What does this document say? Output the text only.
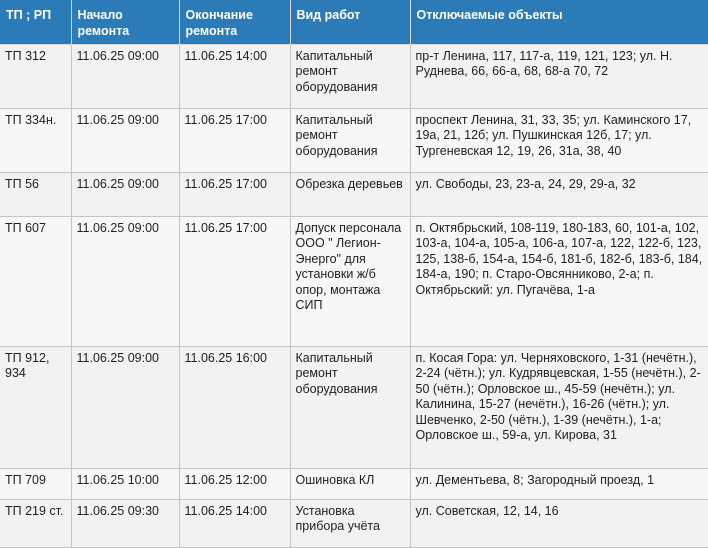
ТП ; РП	Начало ремонта	Окончание ремонта	Вид работ	Отключаемые объекты
ТП 312	11.06.25 09:00	11.06.25 14:00	Капитальный ремонт оборудования	пр-т Ленина, 117, 117-а, 119, 121, 123; ул. Н. Руднева, 66, 66-а, 68, 68-а 70, 72
ТП 334н.	11.06.25 09:00	11.06.25 17:00	Капитальный ремонт оборудования	проспект Ленина, 31, 33, 35; ул. Каминского 17, 19а, 21, 12б; ул. Пушкинская 12б, 17; ул. Тургеневская 12, 19, 26, 31а, 38, 40
ТП 56	11.06.25 09:00	11.06.25 17:00	Обрезка деревьев	ул. Свободы, 23, 23-а, 24, 29, 29-а, 32
ТП 607	11.06.25 09:00	11.06.25 17:00	Допуск персонала ООО " Легион-Энерго" для установки ж/б опор, монтажа СИП	п. Октябрьский, 108-119, 180-183, 60, 101-а, 102, 103-а, 104-а, 105-а, 106-а, 107-а, 122, 122-б, 123, 125, 138-б, 154-а, 154-б, 181-б, 182-б, 183-б, 184, 184-а, 190; п. Старо-Овсянниково, 2-а; п. Октябрьский: ул. Пугачёва, 1-а
ТП 912, 934	11.06.25 09:00	11.06.25 16:00	Капитальный ремонт оборудования	п. Косая Гора: ул. Черняховского, 1-31 (нечётн.), 2-24 (чётн.); ул. Кудрявцевская, 1-55 (нечётн.), 2-50 (чётн.); Орловское ш., 45-59 (нечётн.); ул. Калинина, 15-27 (нечётн.), 16-26 (чётн.); ул. Шевченко, 2-50 (чётн.), 1-39 (нечётн.), 1-а; Орловское ш., 59-а, ул. Кирова, 31
ТП 709	11.06.25 10:00	11.06.25 12:00	Ошиновка КЛ	ул. Дементьева, 8; Загородный проезд, 1
ТП 219 ст.	11.06.25 09:30	11.06.25 14:00	Установка прибора учёта	ул. Советская, 12, 14, 16
